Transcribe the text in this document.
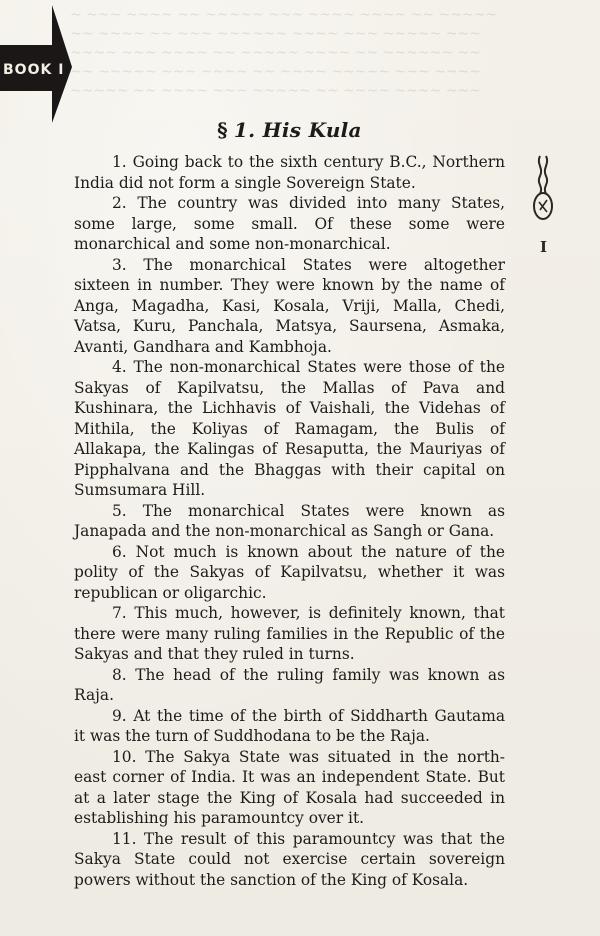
~ ~~~ ~~~~ ~~ ~~~~~ ~~~ ~~~~ ~~~~ ~~ ~~~~~
~~ ~~~~ ~~ ~~~ ~~~~~~ ~~~~ ~~~ ~~~~~ ~~~
~~~~ ~~~ ~~~~ ~~ ~~~~~ ~~~~ ~~ ~~~~~~ ~~
~~ ~~~~~ ~~~ ~~~~ ~~ ~~~~ ~~~~~ ~~~ ~~~~
~~~~~ ~~ ~~~~ ~~~ ~~~~~ ~~ ~~~~ ~~~~ ~~~
BOOK I
I
§ 1. His Kula

1. Going back to the sixth century B.C., Northern India did not form a single Sovereign State.

2. The country was divided into many States, some large, some small. Of these some were monarchical and some non-monarchical.

3. The monarchical States were altogether sixteen in number. They were known by the name of Anga, Magadha, Kasi, Kosala, Vriji, Malla, Chedi, Vatsa, Kuru, Panchala, Matsya, Saursena, Asmaka, Avanti, Gandhara and Kambhoja.

4. The non-monarchical States were those of the Sakyas of Kapilvatsu, the Mallas of Pava and Kushinara, the Lichhavis of Vaishali, the Videhas of Mithila, the Koliyas of Ramagam, the Bulis of Allakapa, the Kalingas of Resaputta, the Mauriyas of Pipphalvana and the Bhaggas with their capital on Sumsumara Hill.

5. The monarchical States were known as Janapada and the non-monarchical as Sangh or Gana.

6. Not much is known about the nature of the polity of the Sakyas of Kapilvatsu, whether it was republican or oligarchic.

7. This much, however, is definitely known, that there were many ruling families in the Republic of the Sakyas and that they ruled in turns.

8. The head of the ruling family was known as Raja.

9. At the time of the birth of Siddharth Gautama it was the turn of Suddhodana to be the Raja.

10. The Sakya State was situated in the north-east corner of India. It was an independent State. But at a later stage the King of Kosala had succeeded in establishing his paramountcy over it.

11. The result of this paramountcy was that the Sakya State could not exercise certain sovereign powers without the sanction of the King of Kosala.
